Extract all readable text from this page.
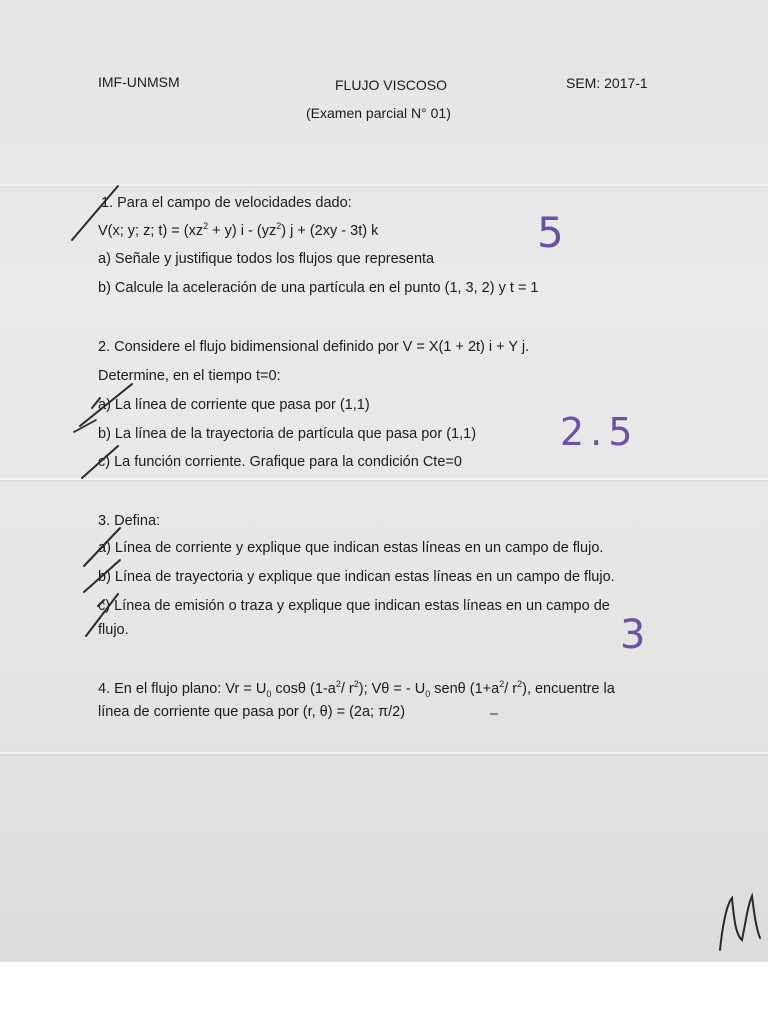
IMF-UNMSM	FLUJO VISCOSO	SEM: 2017-1
(Examen parcial N° 01)
1. Para el campo de velocidades dado:
V(x; y; z; $t) = (xz^2 + y)$ $i - (yz^2) j + (2xy - 3t)$ k
a) Señale y justifique todos los flujos que representa
b) Calcule la aceleración de una partícula en el punto (1, 3, 2) y t = 1
5
2. Considere el flujo bidimensional definido por V = X(1 + 2t) i + Y j.
Determine, en el tiempo t=0:
a) La línea de corriente que pasa por (1,1)
b) La línea de la trayectoria de partícula que pasa por (1,1)
c) La función corriente. Grafique para la condición Cte=0
2.5
3. Defina:
a) Línea de corriente y explique que indican estas líneas en un campo de flujo.
b) Línea de trayectoria y explique que indican estas líneas en un campo de flujo.
c) Línea de emisión o traza y explique que indican estas líneas en un campo de
flujo.	3
4. En el flujo plano: $Vr = U_0$ cosθ ($1-a^2/$ $r^2$); Vθ = - $U_0$ senθ ($1+a^2/$ $r^2$), encuentre la
línea de corriente que pasa por (r, θ) = (2a; π/2)
